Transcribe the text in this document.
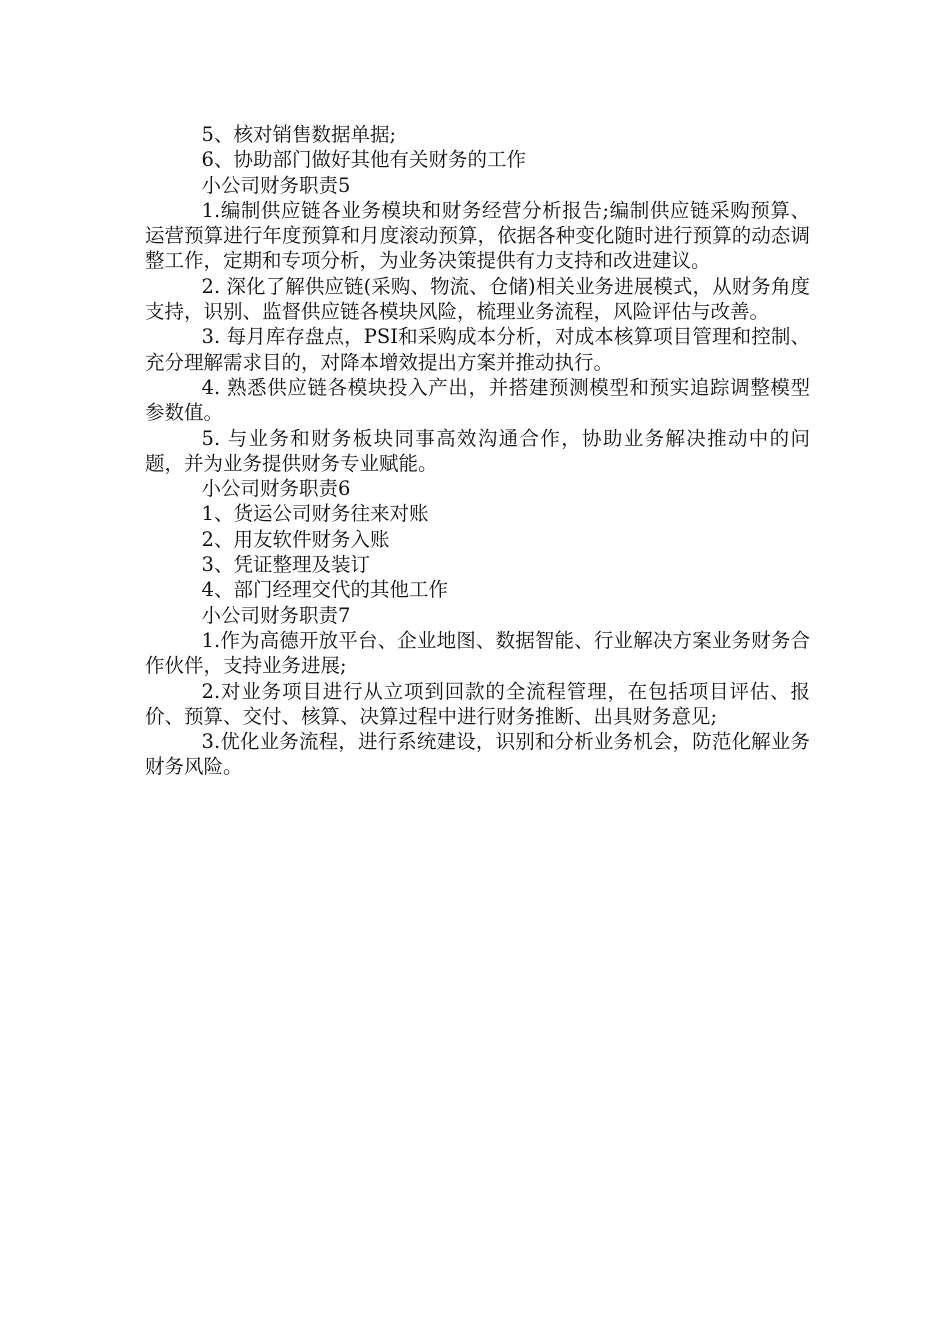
5、核对销售数据单据;

6、协助部门做好其他有关财务的工作

小公司财务职责5

1.编制供应链各业务模块和财务经营分析报告;编制供应链采购预算、运营预算进行年度预算和月度滚动预算，依据各种变化随时进行预算的动态调整工作，定期和专项分析，为业务决策提供有力支持和改进建议。

2. 深化了解供应链(采购、物流、仓储)相关业务进展模式，从财务角度支持，识别、监督供应链各模块风险，梳理业务流程，风险评估与改善。

3. 每月库存盘点，PSI和采购成本分析，对成本核算项目管理和控制、充分理解需求目的，对降本增效提出方案并推动执行。

4. 熟悉供应链各模块投入产出，并搭建预测模型和预实追踪调整模型参数值。

5. 与业务和财务板块同事高效沟通合作，协助业务解决推动中的问题，并为业务提供财务专业赋能。

小公司财务职责6

1、货运公司财务往来对账

2、用友软件财务入账

3、凭证整理及装订

4、部门经理交代的其他工作

小公司财务职责7

1.作为高德开放平台、企业地图、数据智能、行业解决方案业务财务合作伙伴，支持业务进展;

2.对业务项目进行从立项到回款的全流程管理，在包括项目评估、报价、预算、交付、核算、决算过程中进行财务推断、出具财务意见;

3.优化业务流程，进行系统建设，识别和分析业务机会，防范化解业务财务风险。
